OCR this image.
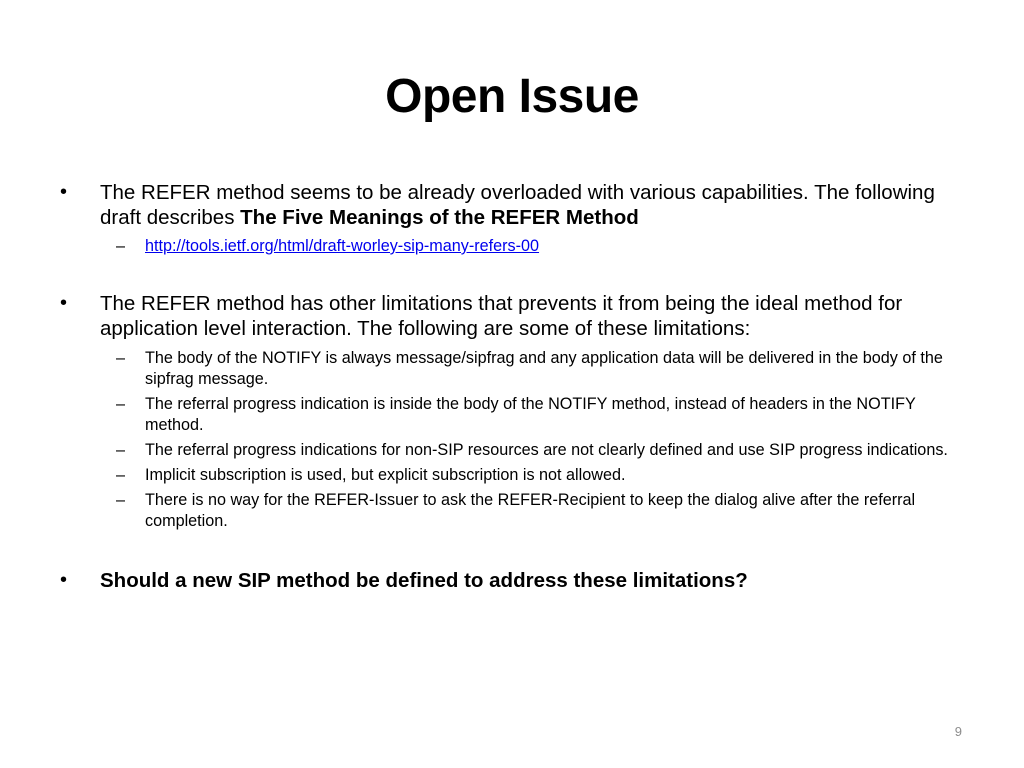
Open Issue
• The REFER method seems to be already overloaded with various capabilities. The following draft describes The Five Meanings of the REFER Method
– http://tools.ietf.org/html/draft-worley-sip-many-refers-00
• The REFER method has other limitations that prevents it from being the ideal method for application level interaction. The following are some of these limitations:
– The body of the NOTIFY is always message/sipfrag and any application data will be delivered in the body of the sipfrag message.
– The referral progress indication is inside the body of the NOTIFY method, instead of headers in the NOTIFY method.
– The referral progress indications for non-SIP resources are not clearly defined and use SIP progress indications.
– Implicit subscription is used, but explicit subscription is not allowed.
– There is no way for the REFER-Issuer to ask the REFER-Recipient to keep the dialog alive after the referral completion.
• Should a new SIP method be defined to address these limitations?
9
